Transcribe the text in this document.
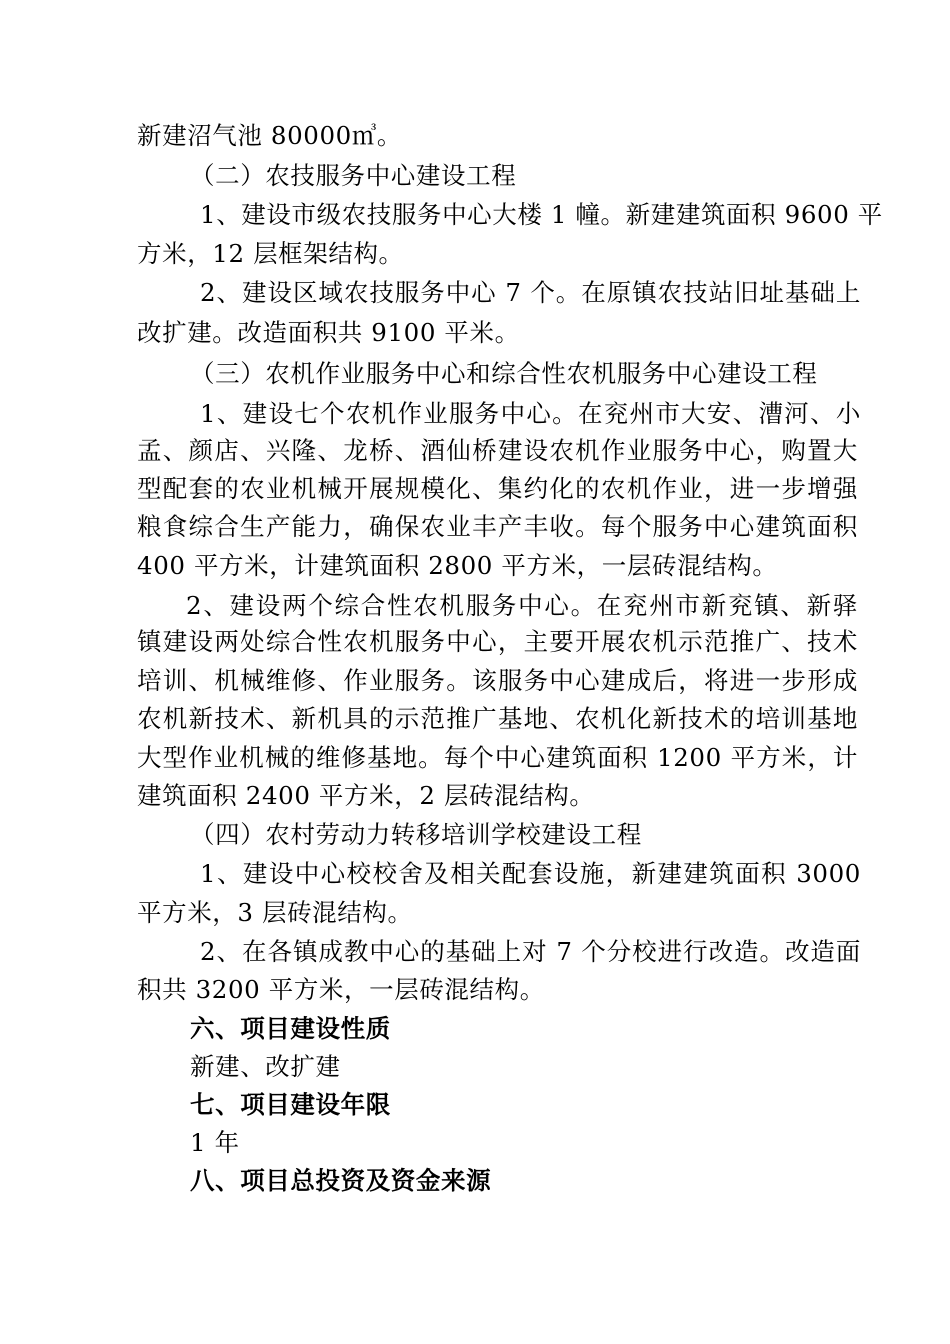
新建沼气池 80000㎥。
（二）农技服务中心建设工程
1、建设市级农技服务中心大楼 1 幢。新建建筑面积 9600 平
方米，12 层框架结构。
2、建设区域农技服务中心 7 个。在原镇农技站旧址基础上
改扩建。改造面积共 9100 平米。
（三）农机作业服务中心和综合性农机服务中心建设工程
1、建设七个农机作业服务中心。在兖州市大安、漕河、小
孟、颜店、兴隆、龙桥、酒仙桥建设农机作业服务中心，购置大
型配套的农业机械开展规模化、集约化的农机作业，进一步增强
粮食综合生产能力，确保农业丰产丰收。每个服务中心建筑面积
400 平方米，计建筑面积 2800 平方米，一层砖混结构。
2、建设两个综合性农机服务中心。在兖州市新兖镇、新驿
镇建设两处综合性农机服务中心，主要开展农机示范推广、技术
培训、机械维修、作业服务。该服务中心建成后，将进一步形成
农机新技术、新机具的示范推广基地、农机化新技术的培训基地
大型作业机械的维修基地。每个中心建筑面积 1200 平方米，计
建筑面积 2400 平方米，2 层砖混结构。
（四）农村劳动力转移培训学校建设工程
1、建设中心校校舍及相关配套设施，新建建筑面积 3000
平方米，3 层砖混结构。
2、在各镇成教中心的基础上对 7 个分校进行改造。改造面
积共 3200 平方米，一层砖混结构。
六、项目建设性质
新建、改扩建
七、项目建设年限
1 年
八、项目总投资及资金来源
